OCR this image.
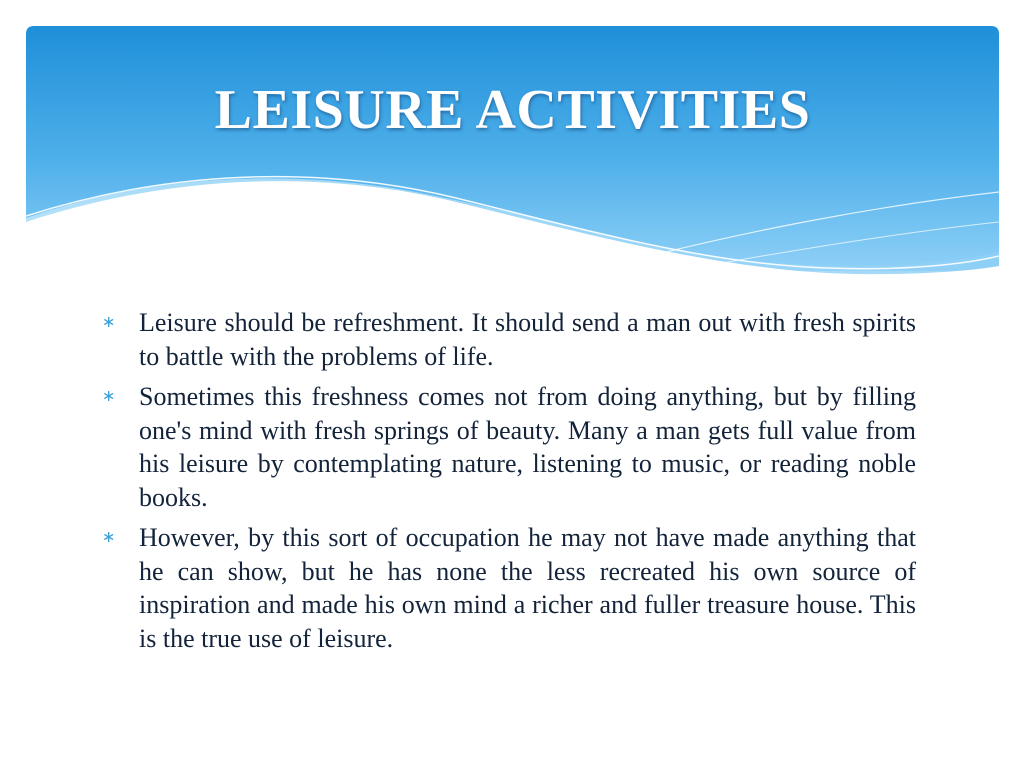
LEISURE ACTIVITIES
∗ Leisure should be refreshment. It should send a man out with fresh spirits to battle with the problems of life.
∗ Sometimes this freshness comes not from doing anything, but by filling one's mind with fresh springs of beauty. Many a man gets full value from his leisure by contemplating nature, listening to music, or reading noble books.
∗ However, by this sort of occupation he may not have made anything that he can show, but he has none the less recreated his own source of inspiration and made his own mind a richer and fuller treasure house. This is the true use of leisure.
